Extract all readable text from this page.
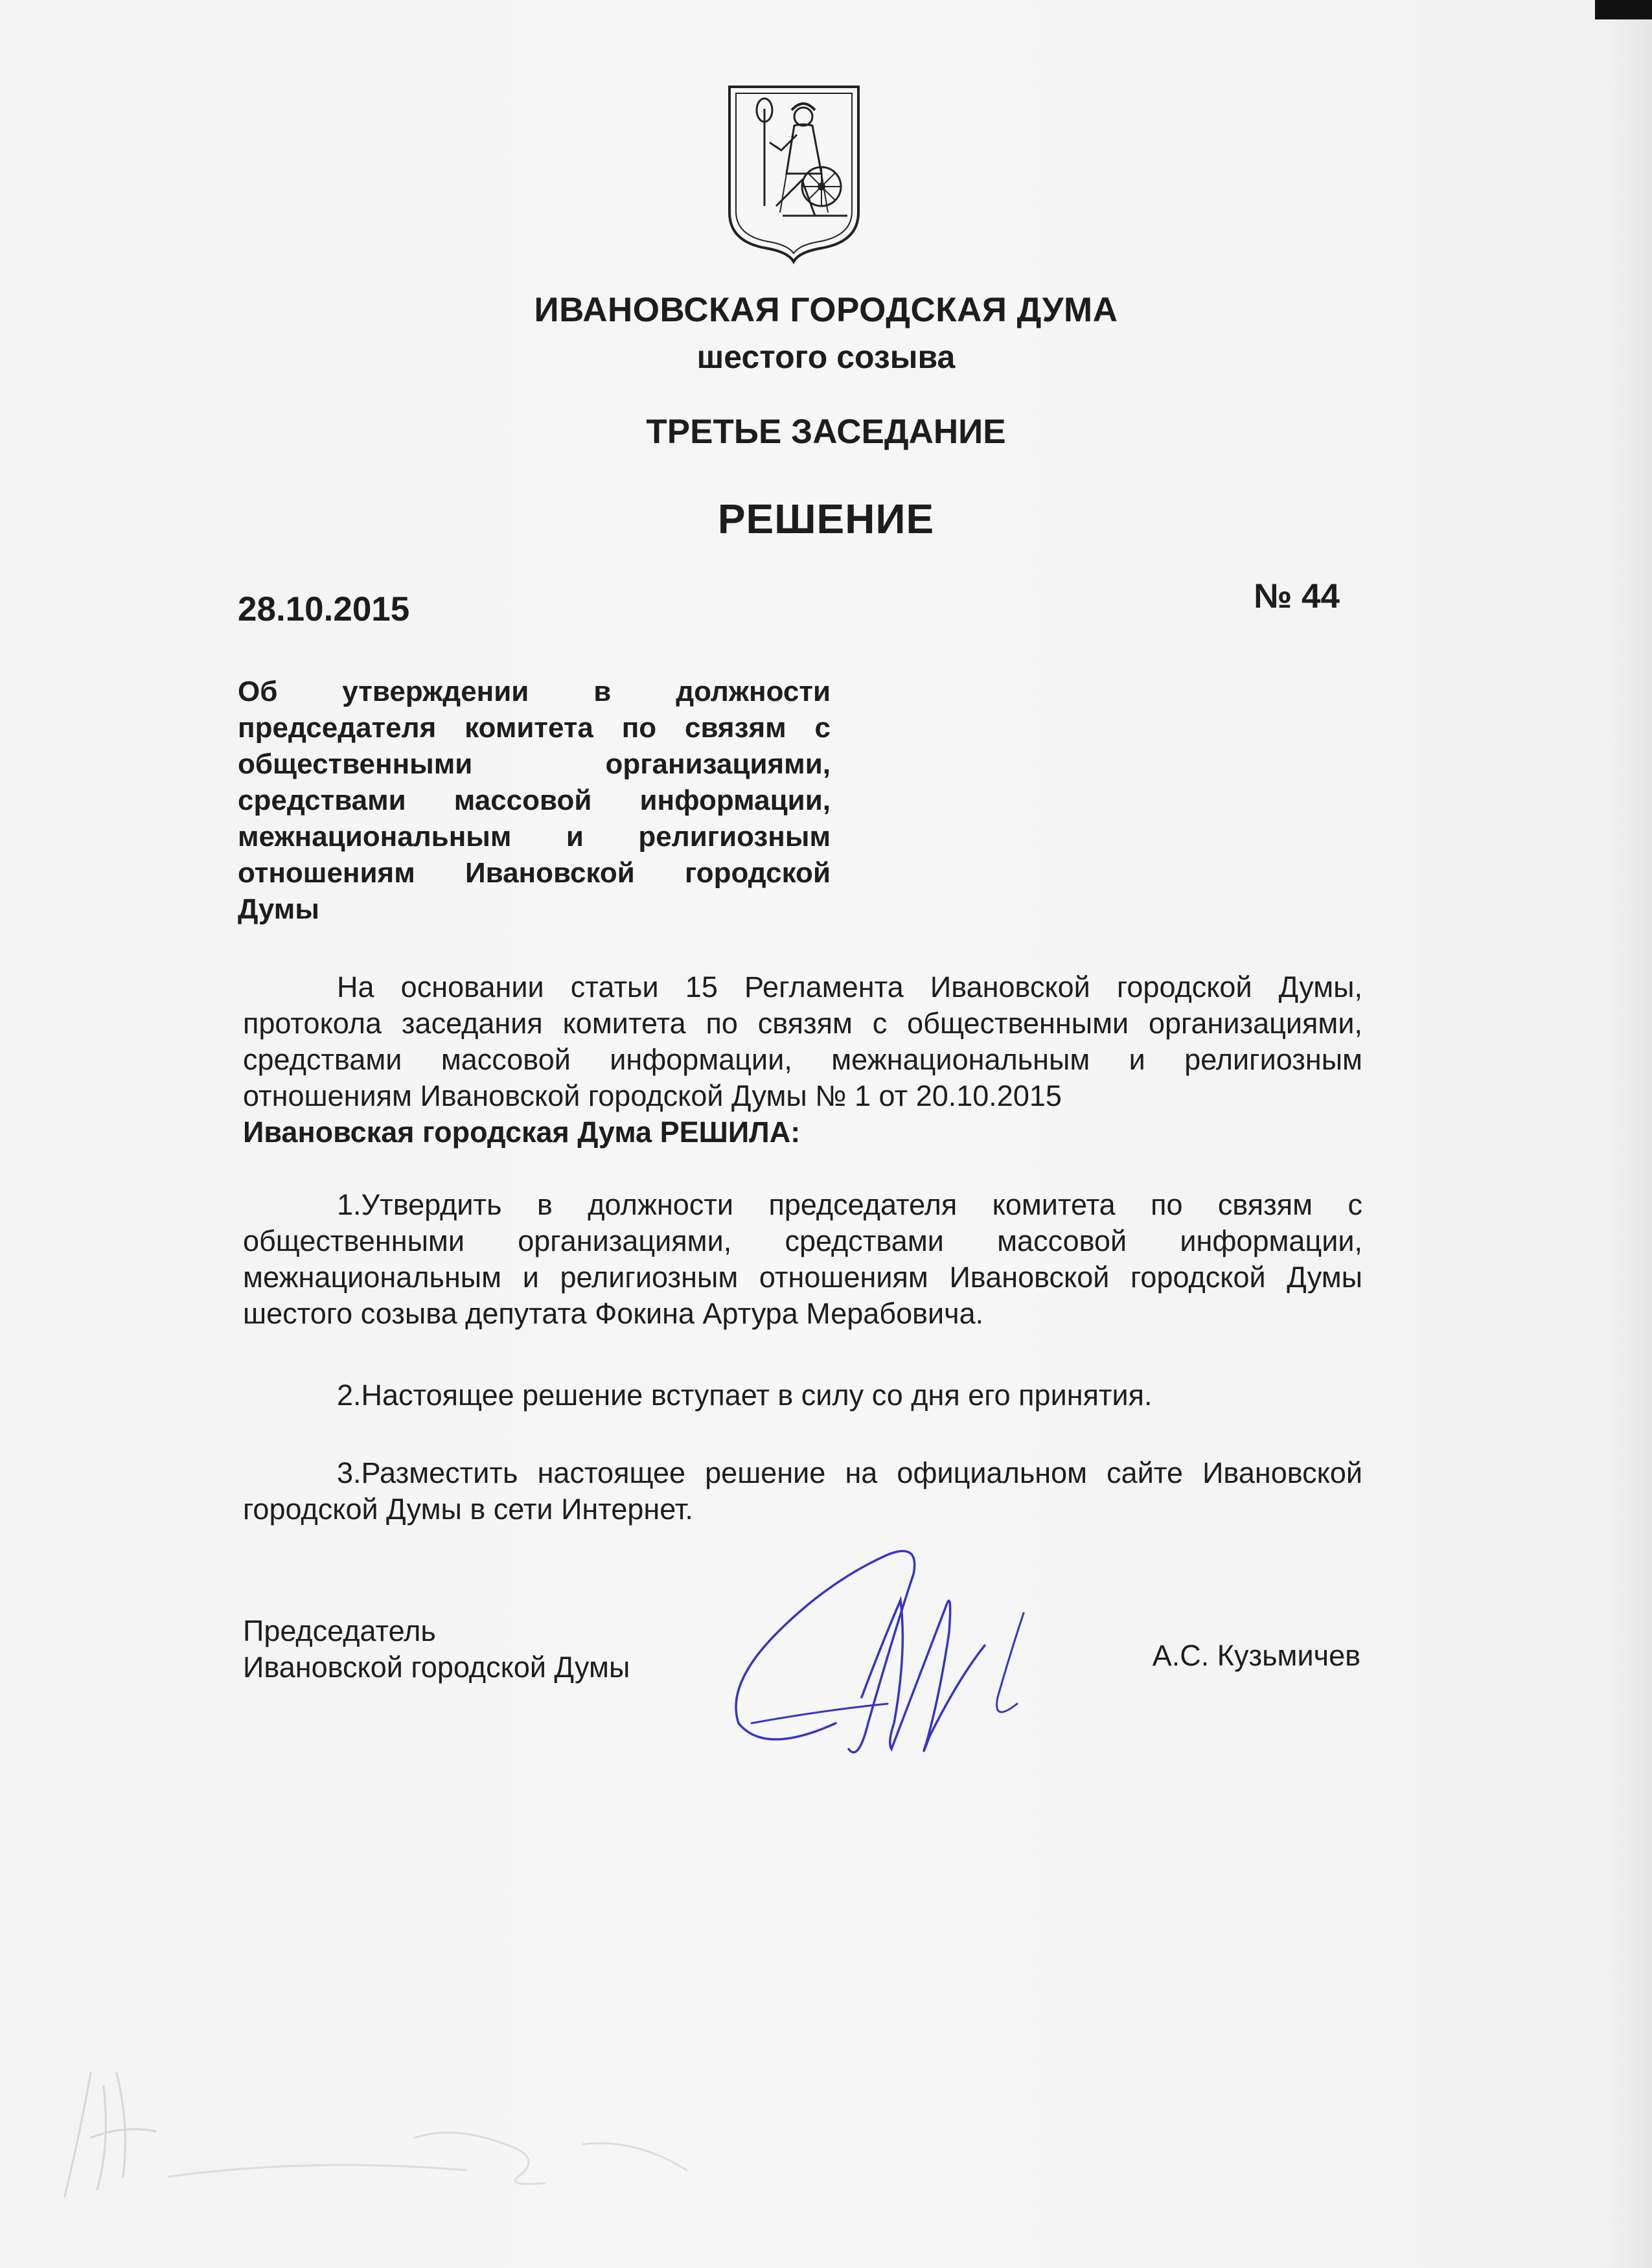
ИВАНОВСКАЯ ГОРОДСКАЯ ДУМА

шестого созыва

ТРЕТЬЕ ЗАСЕДАНИЕ

РЕШЕНИЕ

28.10.2015	№ 44

Об утверждении в должности председателя комитета по связям с общественными организациями, средствами массовой информации, межнациональным и религиозным отношениям Ивановской городской Думы

На основании статьи 15 Регламента Ивановской городской Думы, протокола заседания комитета по связям с общественными организациями, средствами массовой информации, межнациональным и религиозным отношениям Ивановской городской Думы № 1 от 20.10.2015
Ивановская городская Дума РЕШИЛА:

1.Утвердить в должности председателя комитета по связям с общественными организациями, средствами массовой информации, межнациональным и религиозным отношениям Ивановской городской Думы шестого созыва депутата Фокина Артура Мерабовича.

2.Настоящее решение вступает в силу со дня его принятия.

3.Разместить настоящее решение на официальном сайте Ивановской городской Думы в сети Интернет.

Председатель
Ивановской городской Думы	А.С. Кузьмичев
